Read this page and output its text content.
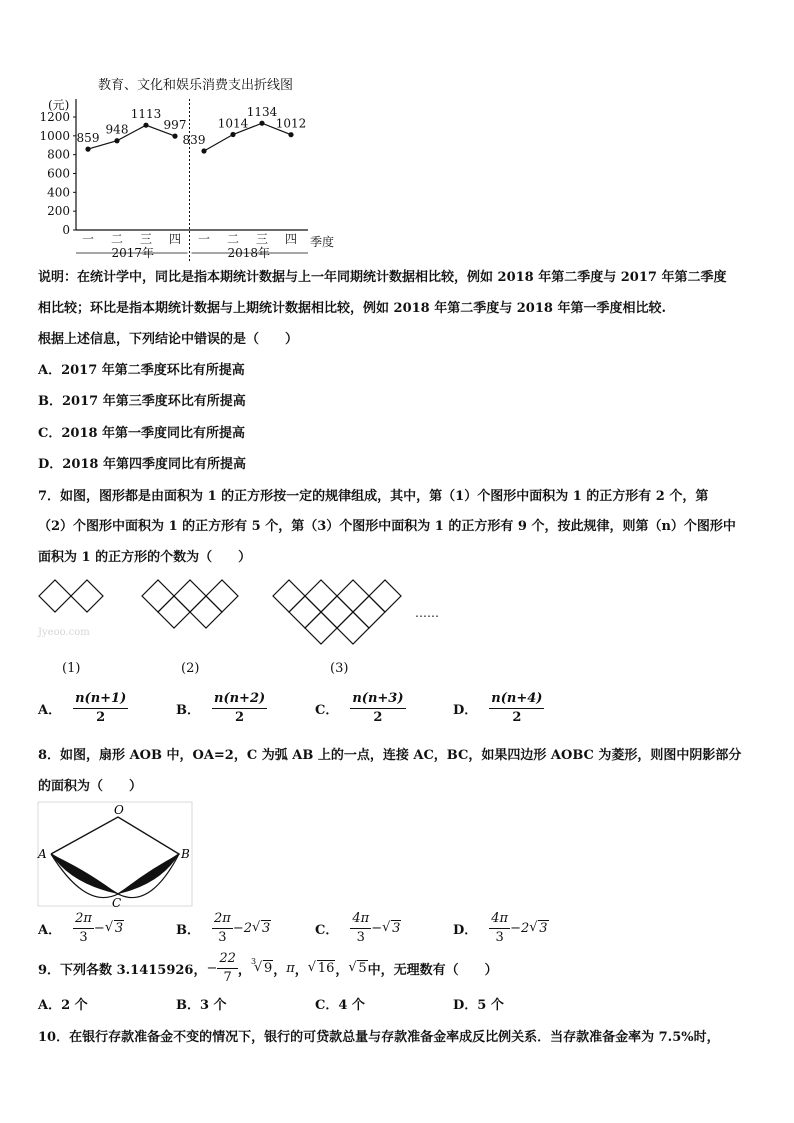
教育、文化和娱乐消费支出折线图
(元)
季度
0
200
400
600
800
1000
1200
一 二 三 四 一 二 三 四
2017年	2018年
859
948
1113
997
839
1014
1134
1012
说明：在统计学中，同比是指本期统计数据与上一年同期统计数据相比较，例如 2018 年第二季度与 2017 年第二季度
相比较；环比是指本期统计数据与上期统计数据相比较，例如 2018 年第二季度与 2018 年第一季度相比较.
根据上述信息，下列结论中错误的是（　　）
A．2017 年第二季度环比有所提高
B．2017 年第三季度环比有所提高
C．2018 年第一季度同比有所提高
D．2018 年第四季度同比有所提高
7．如图，图形都是由面积为 1 的正方形按一定的规律组成，其中，第（1）个图形中面积为 1 的正方形有 2 个，第
（2）个图形中面积为 1 的正方形有 5 个，第（3）个图形中面积为 1 的正方形有 9 个，按此规律，则第（n）个图形中
面积为 1 的正方形的个数为（　　）
Jyeoo.com
……
(1)	(2)	(3)
A． $\frac{n(n+1)}{2}$	B． $\frac{n(n+2)}{2}$	C． $\frac{n(n+3)}{2}$	D． $\frac{n(n+4)}{2}$
8．如图，扇形 AOB 中，OA=2，C 为弧 AB 上的一点，连接 AC，BC，如果四边形 AOBC 为菱形，则图中阴影部分
的面积为（　　）
O
A	B
C
A． $\frac{2\pi}{3}$ −√ 3	B． $\frac{2\pi}{3} -2√$ 3	C． $\frac{4\pi}{3}$ −√ 3	D． $\frac{4\pi}{3} -2√$ 3
9．下列各数 3.1415926，− $\frac{22}{7}$ ，
3
√ 9，π，√ 16，√ 5中，无理数有（　　）
A．2 个	B．3 个	C．4 个	D．5 个
10．在银行存款准备金不变的情况下，银行的可贷款总量与存款准备金率成反比例关系．当存款准备金率为 7.5%时，
